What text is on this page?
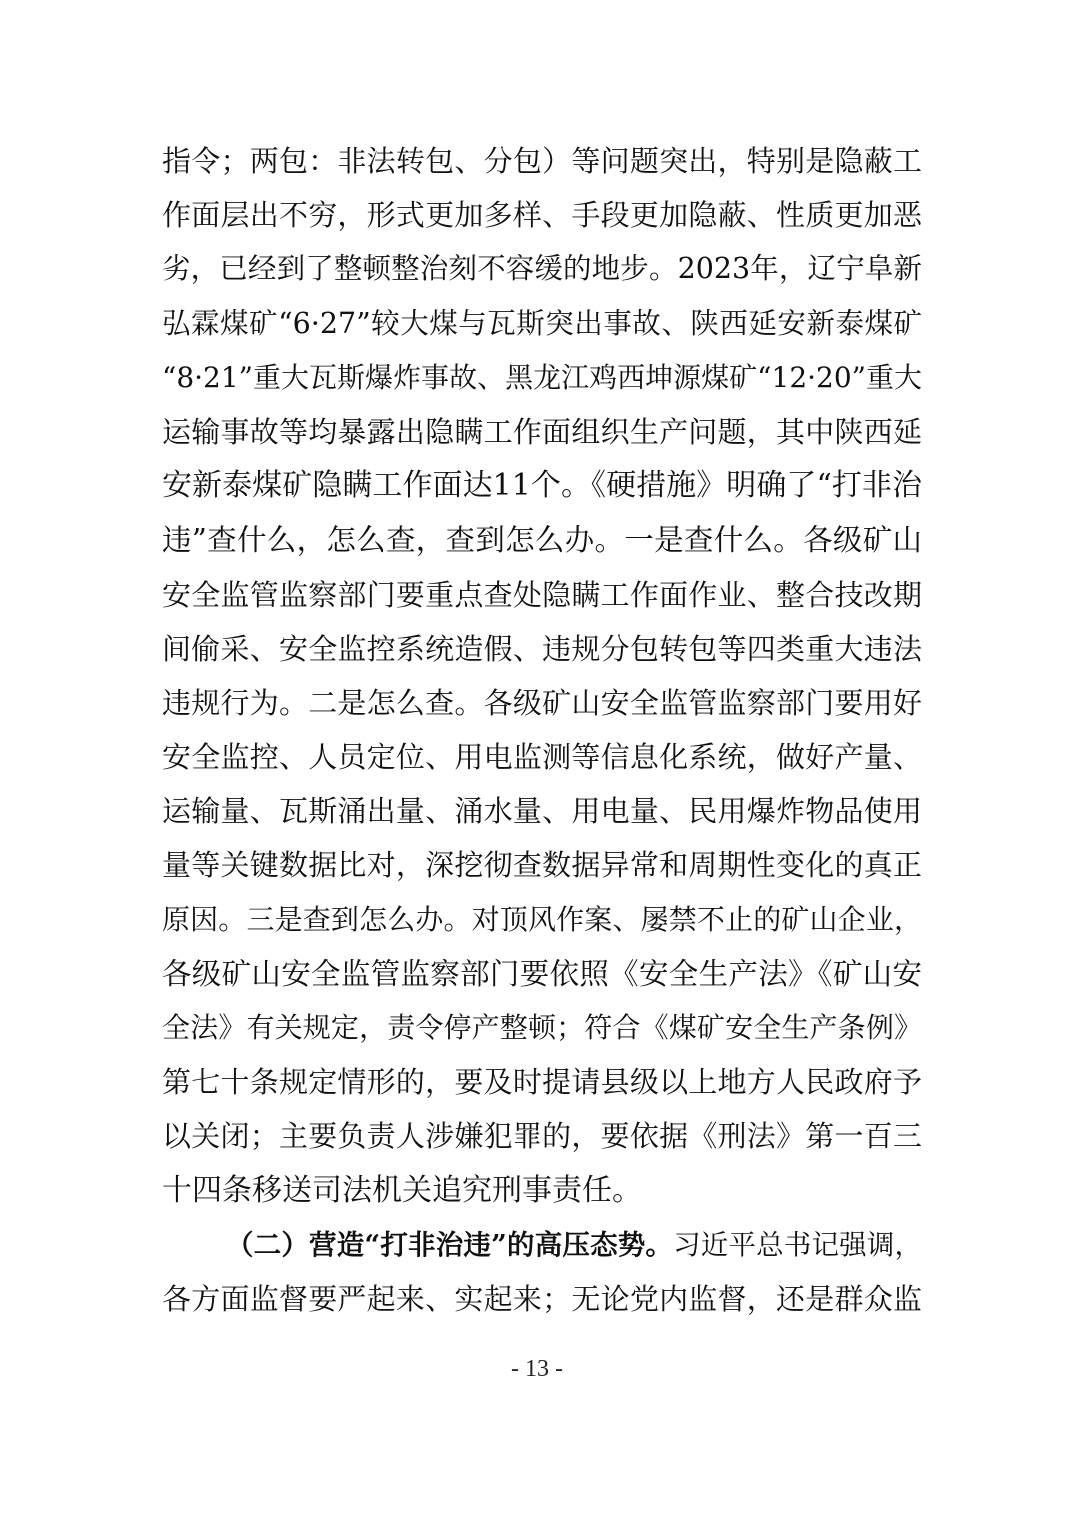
指令；两包：非法转包、分包）等问题突出，特别是隐蔽工
作面层出不穷，形式更加多样、手段更加隐蔽、性质更加恶
劣，已经到了整顿整治刻不容缓的地步。2023年，辽宁阜新
弘霖煤矿“6·27”较大煤与瓦斯突出事故、陕西延安新泰煤矿
“8·21”重大瓦斯爆炸事故、黑龙江鸡西坤源煤矿“12·20”重大
运输事故等均暴露出隐瞒工作面组织生产问题，其中陕西延
安新泰煤矿隐瞒工作面达11个。《硬措施》明确了“打非治
违”查什么，怎么查，查到怎么办。一是查什么。各级矿山
安全监管监察部门要重点查处隐瞒工作面作业、整合技改期
间偷采、安全监控系统造假、违规分包转包等四类重大违法
违规行为。二是怎么查。各级矿山安全监管监察部门要用好
安全监控、人员定位、用电监测等信息化系统，做好产量、
运输量、瓦斯涌出量、涌水量、用电量、民用爆炸物品使用
量等关键数据比对，深挖彻查数据异常和周期性变化的真正
原因。三是查到怎么办。对顶风作案、屡禁不止的矿山企业，
各级矿山安全监管监察部门要依照《安全生产法》《矿山安
全法》有关规定，责令停产整顿；符合《煤矿安全生产条例》
第七十条规定情形的，要及时提请县级以上地方人民政府予
以关闭；主要负责人涉嫌犯罪的，要依据《刑法》第一百三
十四条移送司法机关追究刑事责任。
（二）营造“打非治违”的高压态势。习近平总书记强调，
各方面监督要严起来、实起来；无论党内监督，还是群众监
- 13 -
